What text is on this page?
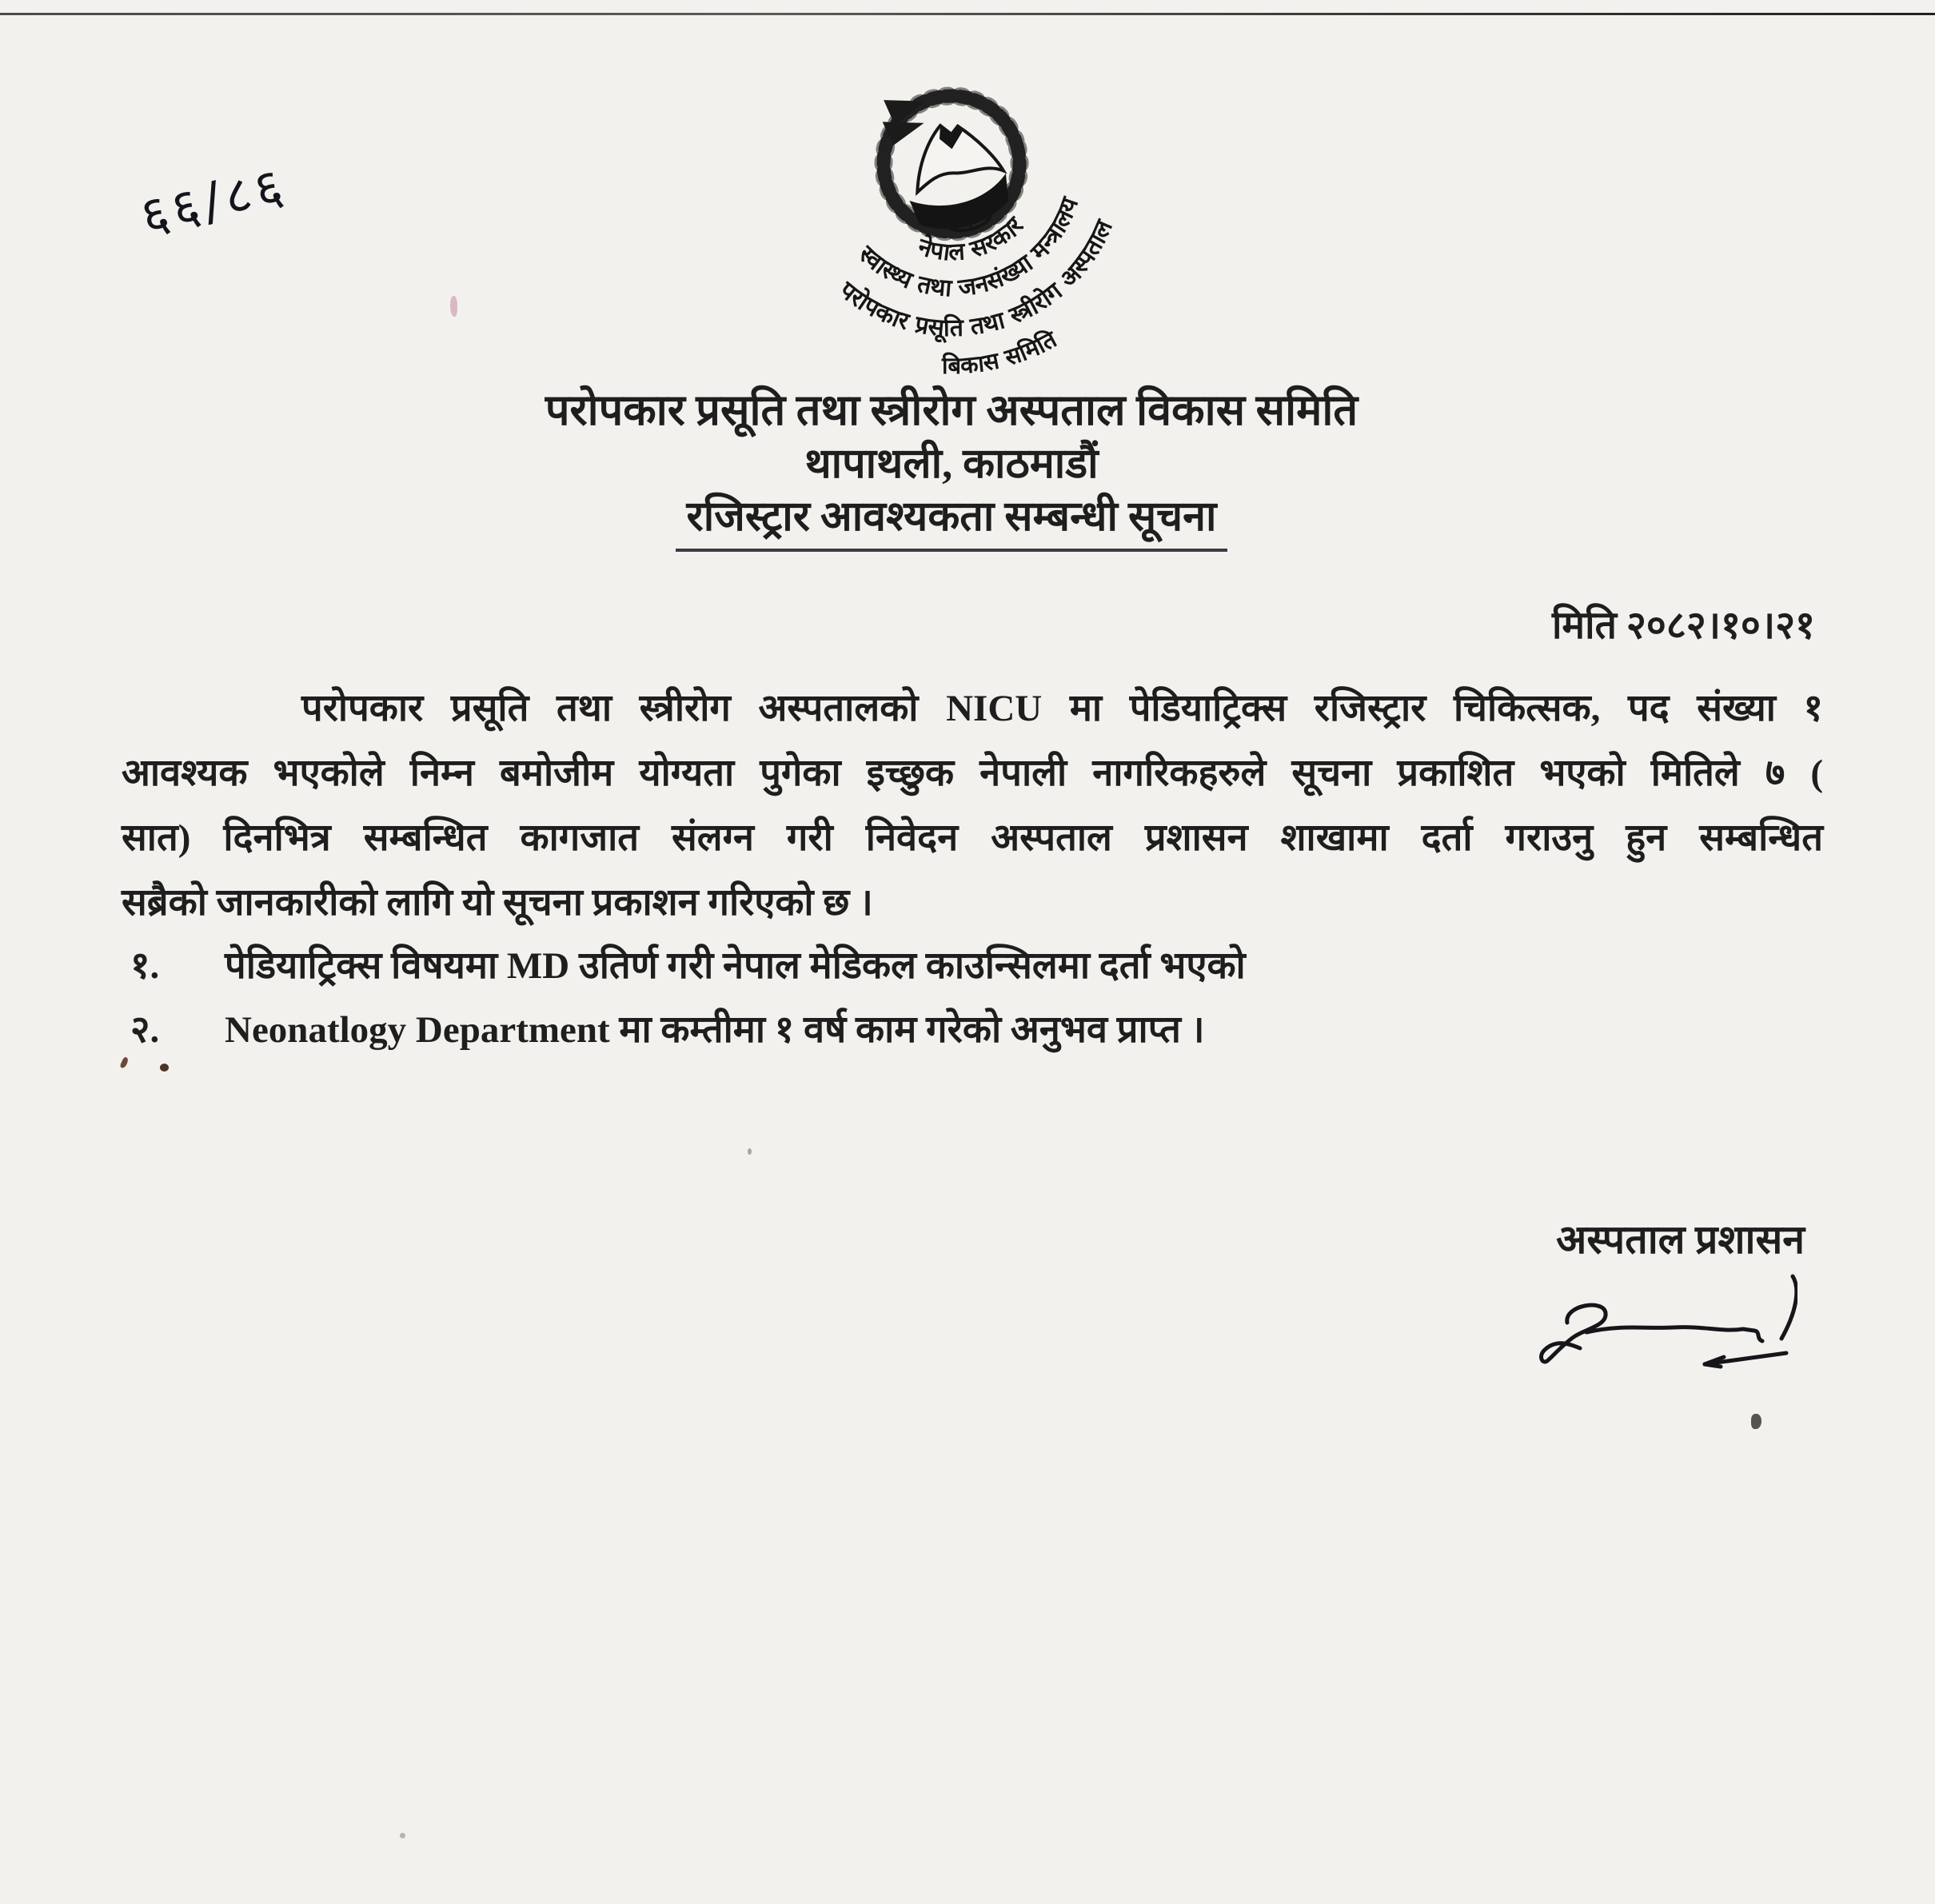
६६/८६
नेपाल सरकार
स्वास्थ्य तथा जनसंख्या मन्त्रालय
परोपकार प्रसूति तथा स्त्रीरोग अस्पताल
बिकास समिति
परोपकार प्रसूति तथा स्त्रीरोग अस्पताल विकास समिति
थापाथली, काठमाडौं
रजिस्ट्रार आवश्यकता सम्बन्धी सूचना
मिति २०८२।१०।२१
परोपकार प्रसूति तथा स्त्रीरोग अस्पतालको NICU मा पेडियाट्रिक्स रजिस्ट्रार चिकित्सक, पद संख्या १
आवश्यक भएकोले निम्न बमोजीम योग्यता पुगेका इच्छुक नेपाली नागरिकहरुले सूचना प्रकाशित भएको मितिले ७ (
सात) दिनभित्र सम्बन्धित कागजात संलग्न गरी निवेदन अस्पताल प्रशासन शाखामा दर्ता गराउनु हुन सम्बन्धित
सब्रैको जानकारीको लागि यो सूचना प्रकाशन गरिएको छ ।
१.	पेडियाट्रिक्स विषयमा MD उतिर्ण गरी नेपाल मेडिकल काउन्सिलमा दर्ता भएको
२.	Neonatlogy Department मा कम्तीमा १ वर्ष काम गरेको अनुभव प्राप्त ।
अस्पताल प्रशासन
